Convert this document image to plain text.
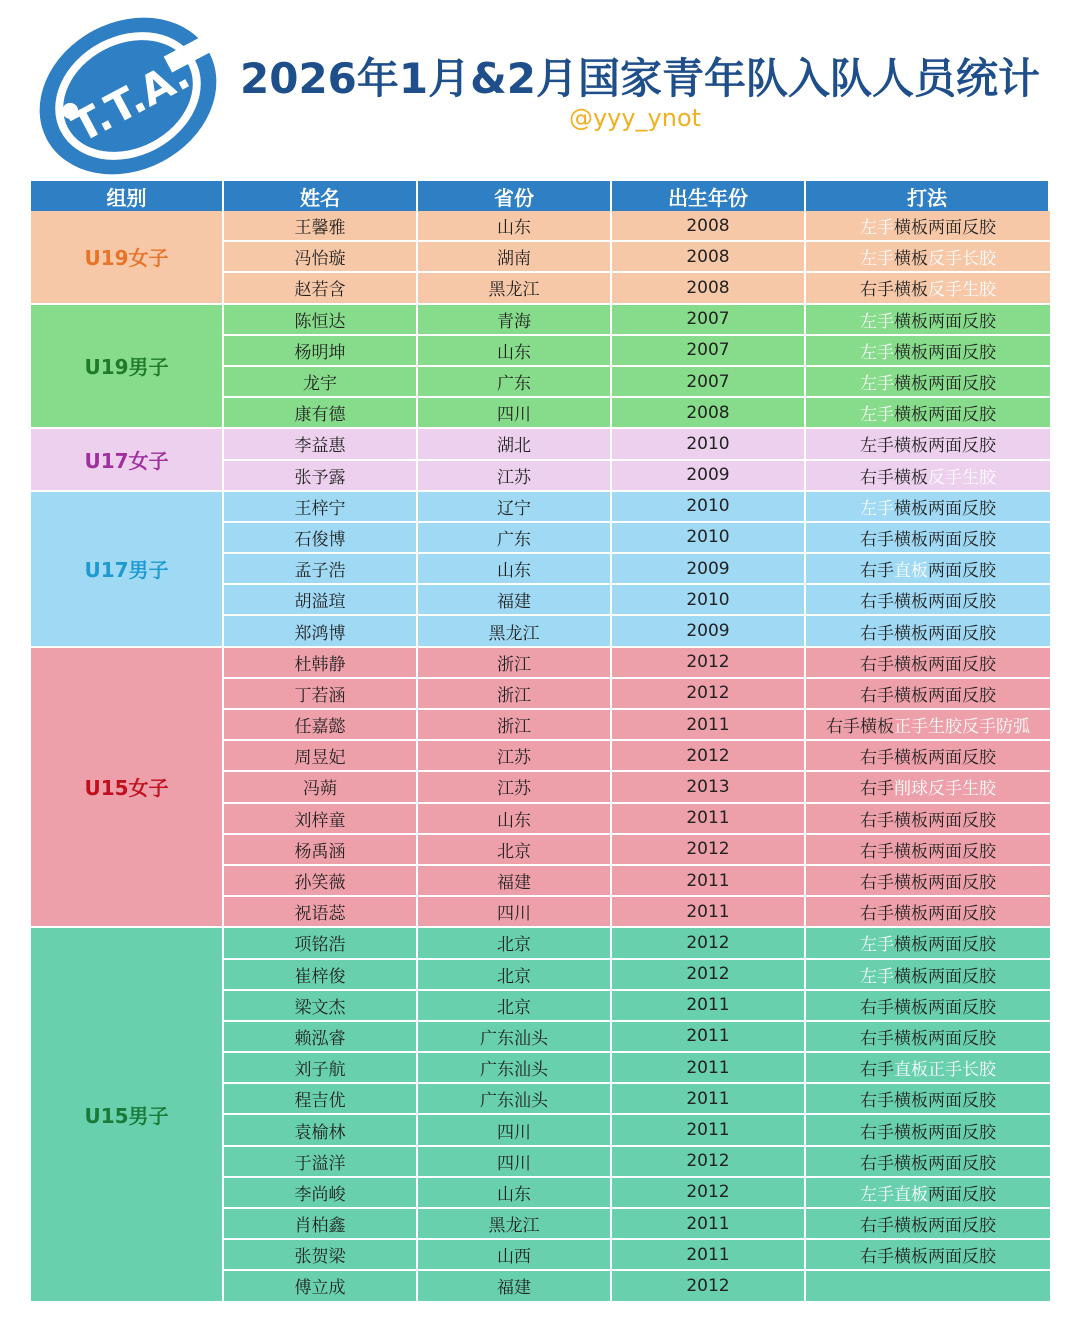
T.T.A. 2026年1月&2月国家青年队入队人员统计
@yyy_ynot
组别	姓名	省份	出生年份	打法
U19女子
王馨雅	山东	2008	左手 横板两面反胶
冯怡璇	湖南	2008	左手 横板 反手长胶
赵若含	黑龙江	2008	右手横板 反手生胶
U19男子
陈恒达	青海	2007	左手 横板两面反胶
杨明坤	山东	2007	左手 横板两面反胶
龙宇	广东	2007	左手 横板两面反胶
康有德	四川	2008	左手 横板两面反胶
U17女子
李益惠	湖北	2010	左手横板两面反胶
张予露	江苏	2009	右手横板 反手生胶
U17男子
王梓宁	辽宁	2010	左手 横板两面反胶
石俊博	广东	2010	右手横板两面反胶
孟子浩	山东	2009	右手 直板 两面反胶
胡溢瑄	福建	2010	右手横板两面反胶
郑鸿博	黑龙江	2009	右手横板两面反胶
U15女子
杜韩静	浙江	2012	右手横板两面反胶
丁若涵	浙江	2012	右手横板两面反胶
任嘉懿	浙江	2011	右手横板 正手生胶反手防弧
周昱妃	江苏	2012	右手横板两面反胶
冯蒴	江苏	2013	右手 削球反手生胶
刘梓童	山东	2011	右手横板两面反胶
杨禹涵	北京	2012	右手横板两面反胶
孙笑薇	福建	2011	右手横板两面反胶
祝语蕊	四川	2011	右手横板两面反胶
U15男子
项铭浩	北京	2012	左手 横板两面反胶
崔梓俊	北京	2012	左手 横板两面反胶
梁文杰	北京	2011	右手横板两面反胶
赖泓睿	广东汕头	2011	右手横板两面反胶
刘子航	广东汕头	2011	右手 直板正手长胶
程吉优	广东汕头	2011	右手横板两面反胶
袁榆林	四川	2011	右手横板两面反胶
于溢洋	四川	2012	右手横板两面反胶
李尚峻	山东	2012	左手直板 两面反胶
肖柏鑫	黑龙江	2011	右手横板两面反胶
张贺梁	山西	2011	右手横板两面反胶
傅立成	福建	2012
